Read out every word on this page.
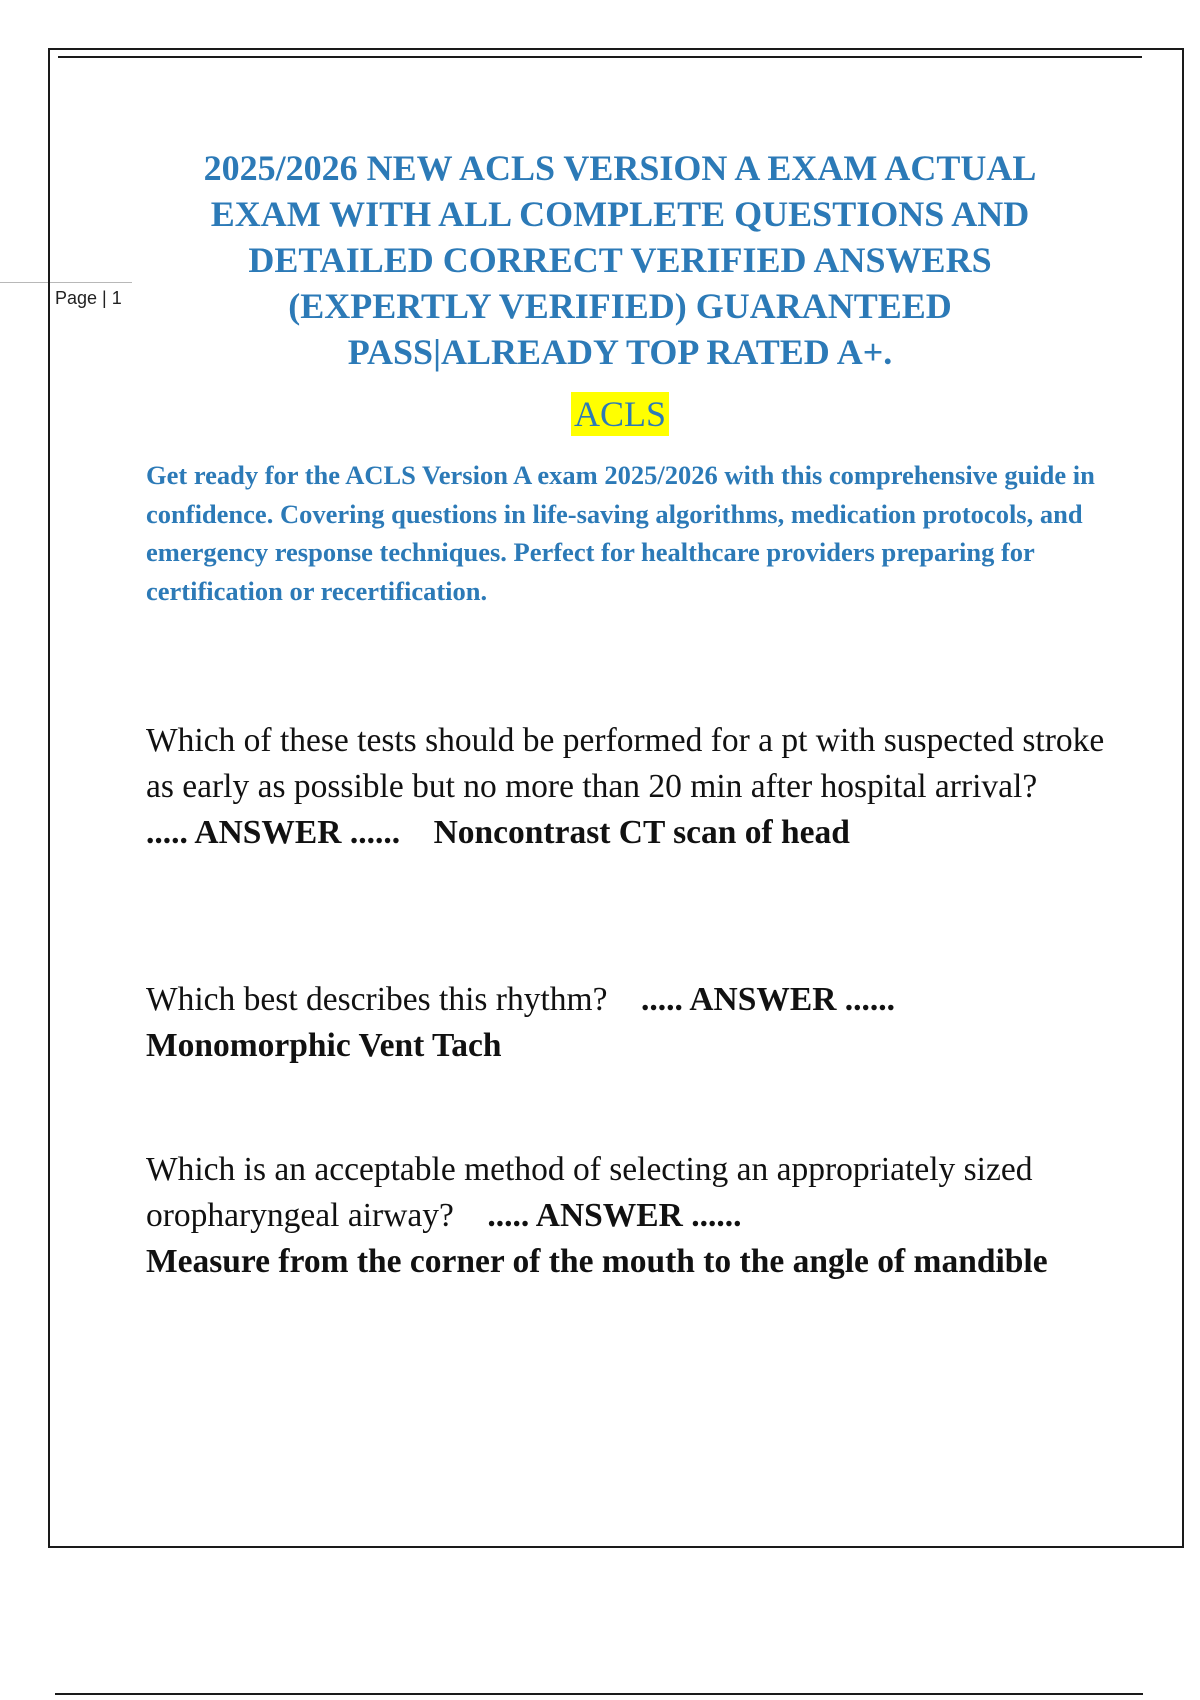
Page | 1

2025/2026 NEW ACLS VERSION A EXAM ACTUAL EXAM WITH ALL COMPLETE QUESTIONS AND DETAILED CORRECT VERIFIED ANSWERS (EXPERTLY VERIFIED) GUARANTEED PASS|ALREADY TOP RATED A+.
ACLS

Get ready for the ACLS Version A exam 2025/2026 with this comprehensive guide in confidence. Covering questions in life-saving algorithms, medication protocols, and emergency response techniques. Perfect for healthcare providers preparing for certification or recertification.

Which of these tests should be performed for a pt with suspected stroke as early as possible but no more than 20 min after hospital arrival?    ..... ANSWER ...... Noncontrast CT scan of head

Which best describes this rhythm? ..... ANSWER ......
Monomorphic Vent Tach

Which is an acceptable method of selecting an appropriately sized oropharyngeal airway? ..... ANSWER ......
Measure from the corner of the mouth to the angle of mandible
